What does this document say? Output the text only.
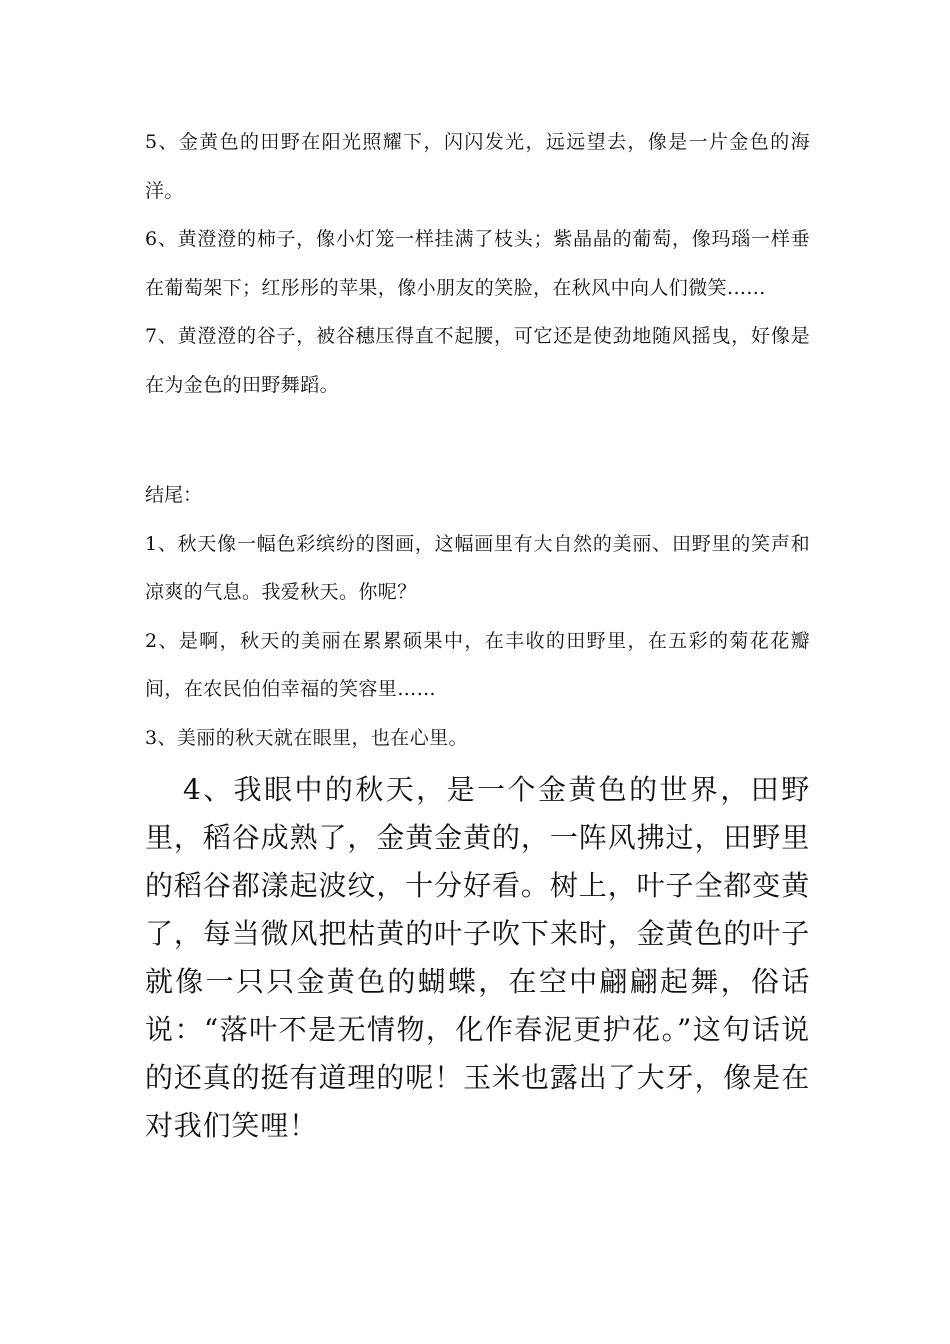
5、金黄色的田野在阳光照耀下，闪闪发光，远远望去，像是一片金色的海洋。

6、黄澄澄的柿子，像小灯笼一样挂满了枝头；紫晶晶的葡萄，像玛瑙一样垂在葡萄架下；红彤彤的苹果，像小朋友的笑脸，在秋风中向人们微笑......

7、黄澄澄的谷子，被谷穗压得直不起腰，可它还是使劲地随风摇曳，好像是在为金色的田野舞蹈。

结尾：

1、秋天像一幅色彩缤纷的图画，这幅画里有大自然的美丽、田野里的笑声和凉爽的气息。我爱秋天。你呢？

2、是啊，秋天的美丽在累累硕果中，在丰收的田野里，在五彩的菊花花瓣间，在农民伯伯幸福的笑容里……

3、美丽的秋天就在眼里，也在心里。

4、我眼中的秋天，是一个金黄色的世界，田野里，稻谷成熟了，金黄金黄的，一阵风拂过，田野里的稻谷都漾起波纹，十分好看。树上，叶子全都变黄了，每当微风把枯黄的叶子吹下来时，金黄色的叶子就像一只只金黄色的蝴蝶，在空中翩翩起舞，俗话说：“落叶不是无情物，化作春泥更护花。”这句话说的还真的挺有道理的呢！玉米也露出了大牙，像是在对我们笑哩！
